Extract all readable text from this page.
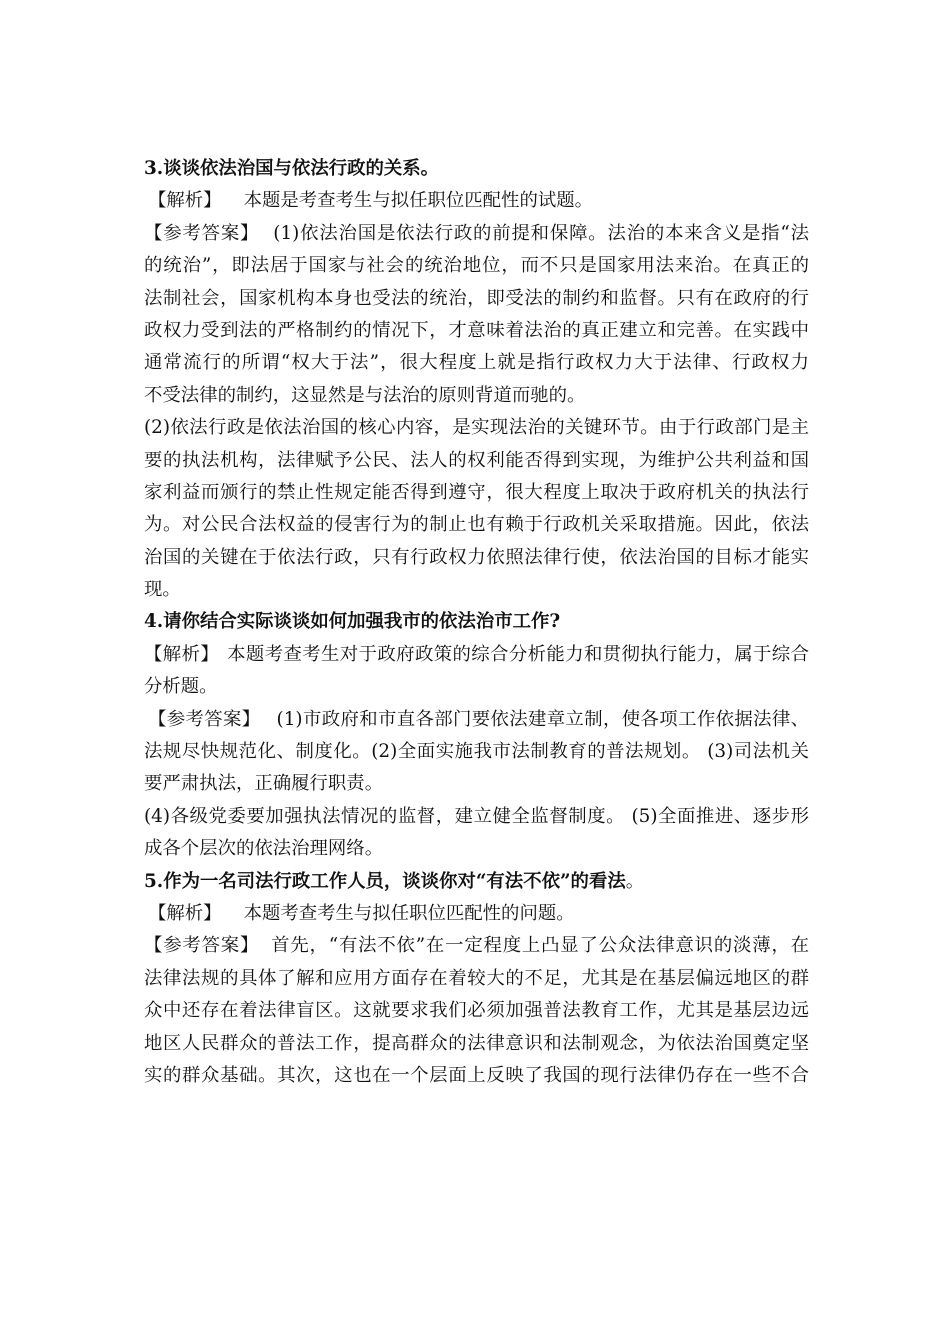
3.谈谈依法治国与依法行政的关系。
【解析】 本题是考查考生与拟任职位匹配性的试题。
【参考答案】 (1)依法治国是依法行政的前提和保障。法治的本来含义是指“法
的统治”，即法居于国家与社会的统治地位，而不只是国家用法来治。在真正的
法制社会，国家机构本身也受法的统治，即受法的制约和监督。只有在政府的行
政权力受到法的严格制约的情况下，才意味着法治的真正建立和完善。在实践中
通常流行的所谓“权大于法”，很大程度上就是指行政权力大于法律、行政权力
不受法律的制约，这显然是与法治的原则背道而驰的。
(2)依法行政是依法治国的核心内容，是实现法治的关键环节。由于行政部门是主
要的执法机构，法律赋予公民、法人的权利能否得到实现，为维护公共利益和国
家利益而颁行的禁止性规定能否得到遵守，很大程度上取决于政府机关的执法行
为。对公民合法权益的侵害行为的制止也有赖于行政机关采取措施。因此，依法
治国的关键在于依法行政，只有行政权力依照法律行使，依法治国的目标才能实
现。
4.请你结合实际谈谈如何加强我市的依法治市工作?
【解析】 本题考查考生对于政府政策的综合分析能力和贯彻执行能力，属于综合
分析题。
【参考答案】 (1)市政府和市直各部门要依法建章立制，使各项工作依据法律、
法规尽快规范化、制度化。(2)全面实施我市法制教育的普法规划。 (3)司法机关
要严肃执法，正确履行职责。
(4)各级党委要加强执法情况的监督，建立健全监督制度。 (5)全面推进、逐步形
成各个层次的依法治理网络。
5.作为一名司法行政工作人员，谈谈你对“有法不依”的看法。
【解析】 本题考查考生与拟任职位匹配性的问题。
【参考答案】 首先，“有法不依”在一定程度上凸显了公众法律意识的淡薄，在
法律法规的具体了解和应用方面存在着较大的不足，尤其是在基层偏远地区的群
众中还存在着法律盲区。这就要求我们必须加强普法教育工作，尤其是基层边远
地区人民群众的普法工作，提高群众的法律意识和法制观念，为依法治国奠定坚
实的群众基础。其次，这也在一个层面上反映了我国的现行法律仍存在一些不合
